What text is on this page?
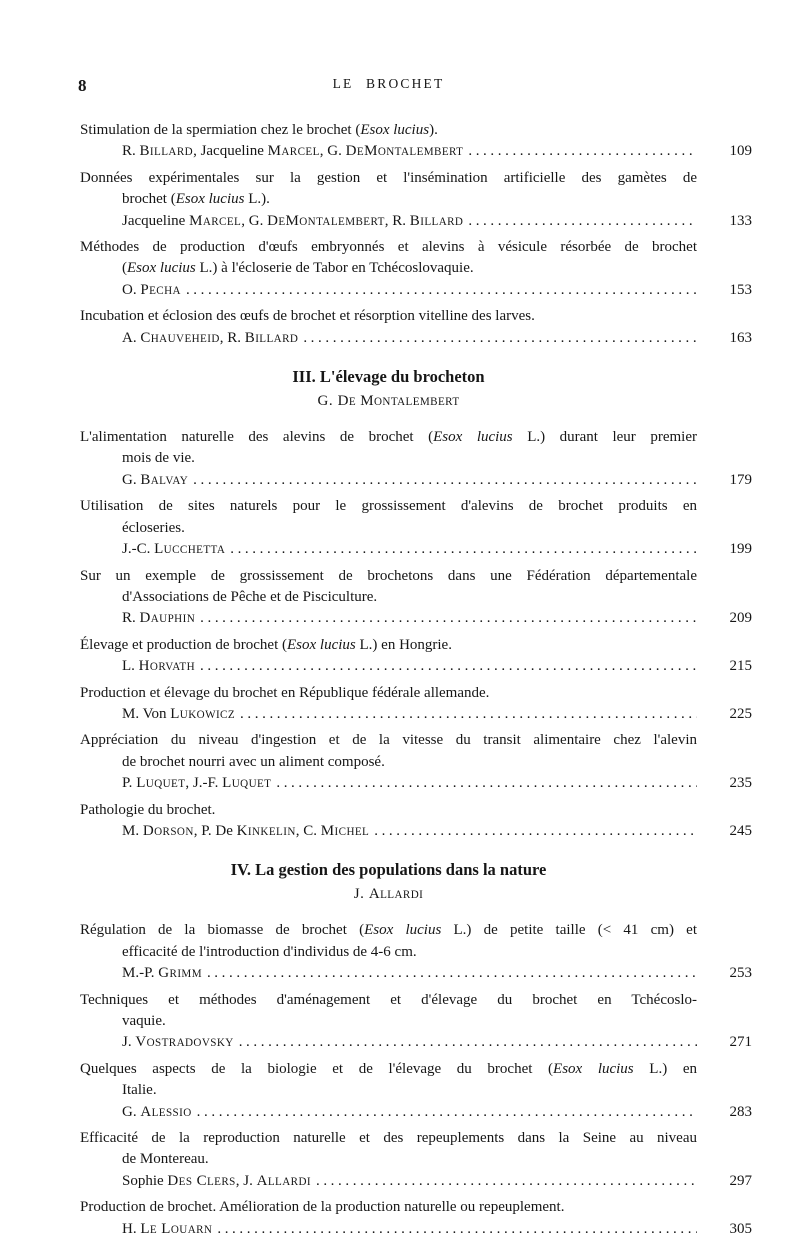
8	LE BROCHET
Stimulation de la spermiation chez le brochet (Esox lucius).
R. BILLARD, Jacqueline MARCEL, G. DEMONTALEMBERT .....	109
Données expérimentales sur la gestion et l'insémination artificielle des gamètes de
brochet (Esox lucius L.).
Jacqueline MARCEL, G. DEMONTALEMBERT, R. BILLARD .....	133
Méthodes de production d'œufs embryonnés et alevins à vésicule résorbée de brochet
(Esox lucius L.) à l'écloserie de Tabor en Tchécoslovaquie.
O. PECHA .....	153
Incubation et éclosion des œufs de brochet et résorption vitelline des larves.
A. CHAUVEHEID, R. BILLARD .....	163
III. L'élevage du brocheton
G. DE MONTALEMBERT
L'alimentation naturelle des alevins de brochet (Esox lucius L.) durant leur premier
mois de vie.
G. BALVAY .....	179
Utilisation de sites naturels pour le grossissement d'alevins de brochet produits en
écloseries.
J.-C. LUCCHETTA .....	199
Sur un exemple de grossissement de brochetons dans une Fédération départementale
d'Associations de Pêche et de Pisciculture.
R. DAUPHIN .....	209
Élevage et production de brochet (Esox lucius L.) en Hongrie.
L. HORVATH .....	215
Production et élevage du brochet en République fédérale allemande.
M. Von LUKOWICZ .....	225
Appréciation du niveau d'ingestion et de la vitesse du transit alimentaire chez l'alevin
de brochet nourri avec un aliment composé.
P. LUQUET, J.-F. LUQUET .....	235
Pathologie du brochet.
M. DORSON, P. De KINKELIN, C. MICHEL .....	245
IV. La gestion des populations dans la nature
J. ALLARDI
Régulation de la biomasse de brochet (Esox lucius L.) de petite taille (< 41 cm) et
efficacité de l'introduction d'individus de 4-6 cm.
M.-P. GRIMM .....	253
Techniques et méthodes d'aménagement et d'élevage du brochet en Tchécoslo-
vaquie.
J. VOSTRADOVSKY .....	271
Quelques aspects de la biologie et de l'élevage du brochet (Esox lucius L.) en
Italie.
G. ALESSIO .....	283
Efficacité de la reproduction naturelle et des repeuplements dans la Seine au niveau
de Montereau.
Sophie DES CLERS, J. ALLARDI .....	297
Production de brochet. Amélioration de la production naturelle ou repeuplement.
H. LE LOUARN .....	305
